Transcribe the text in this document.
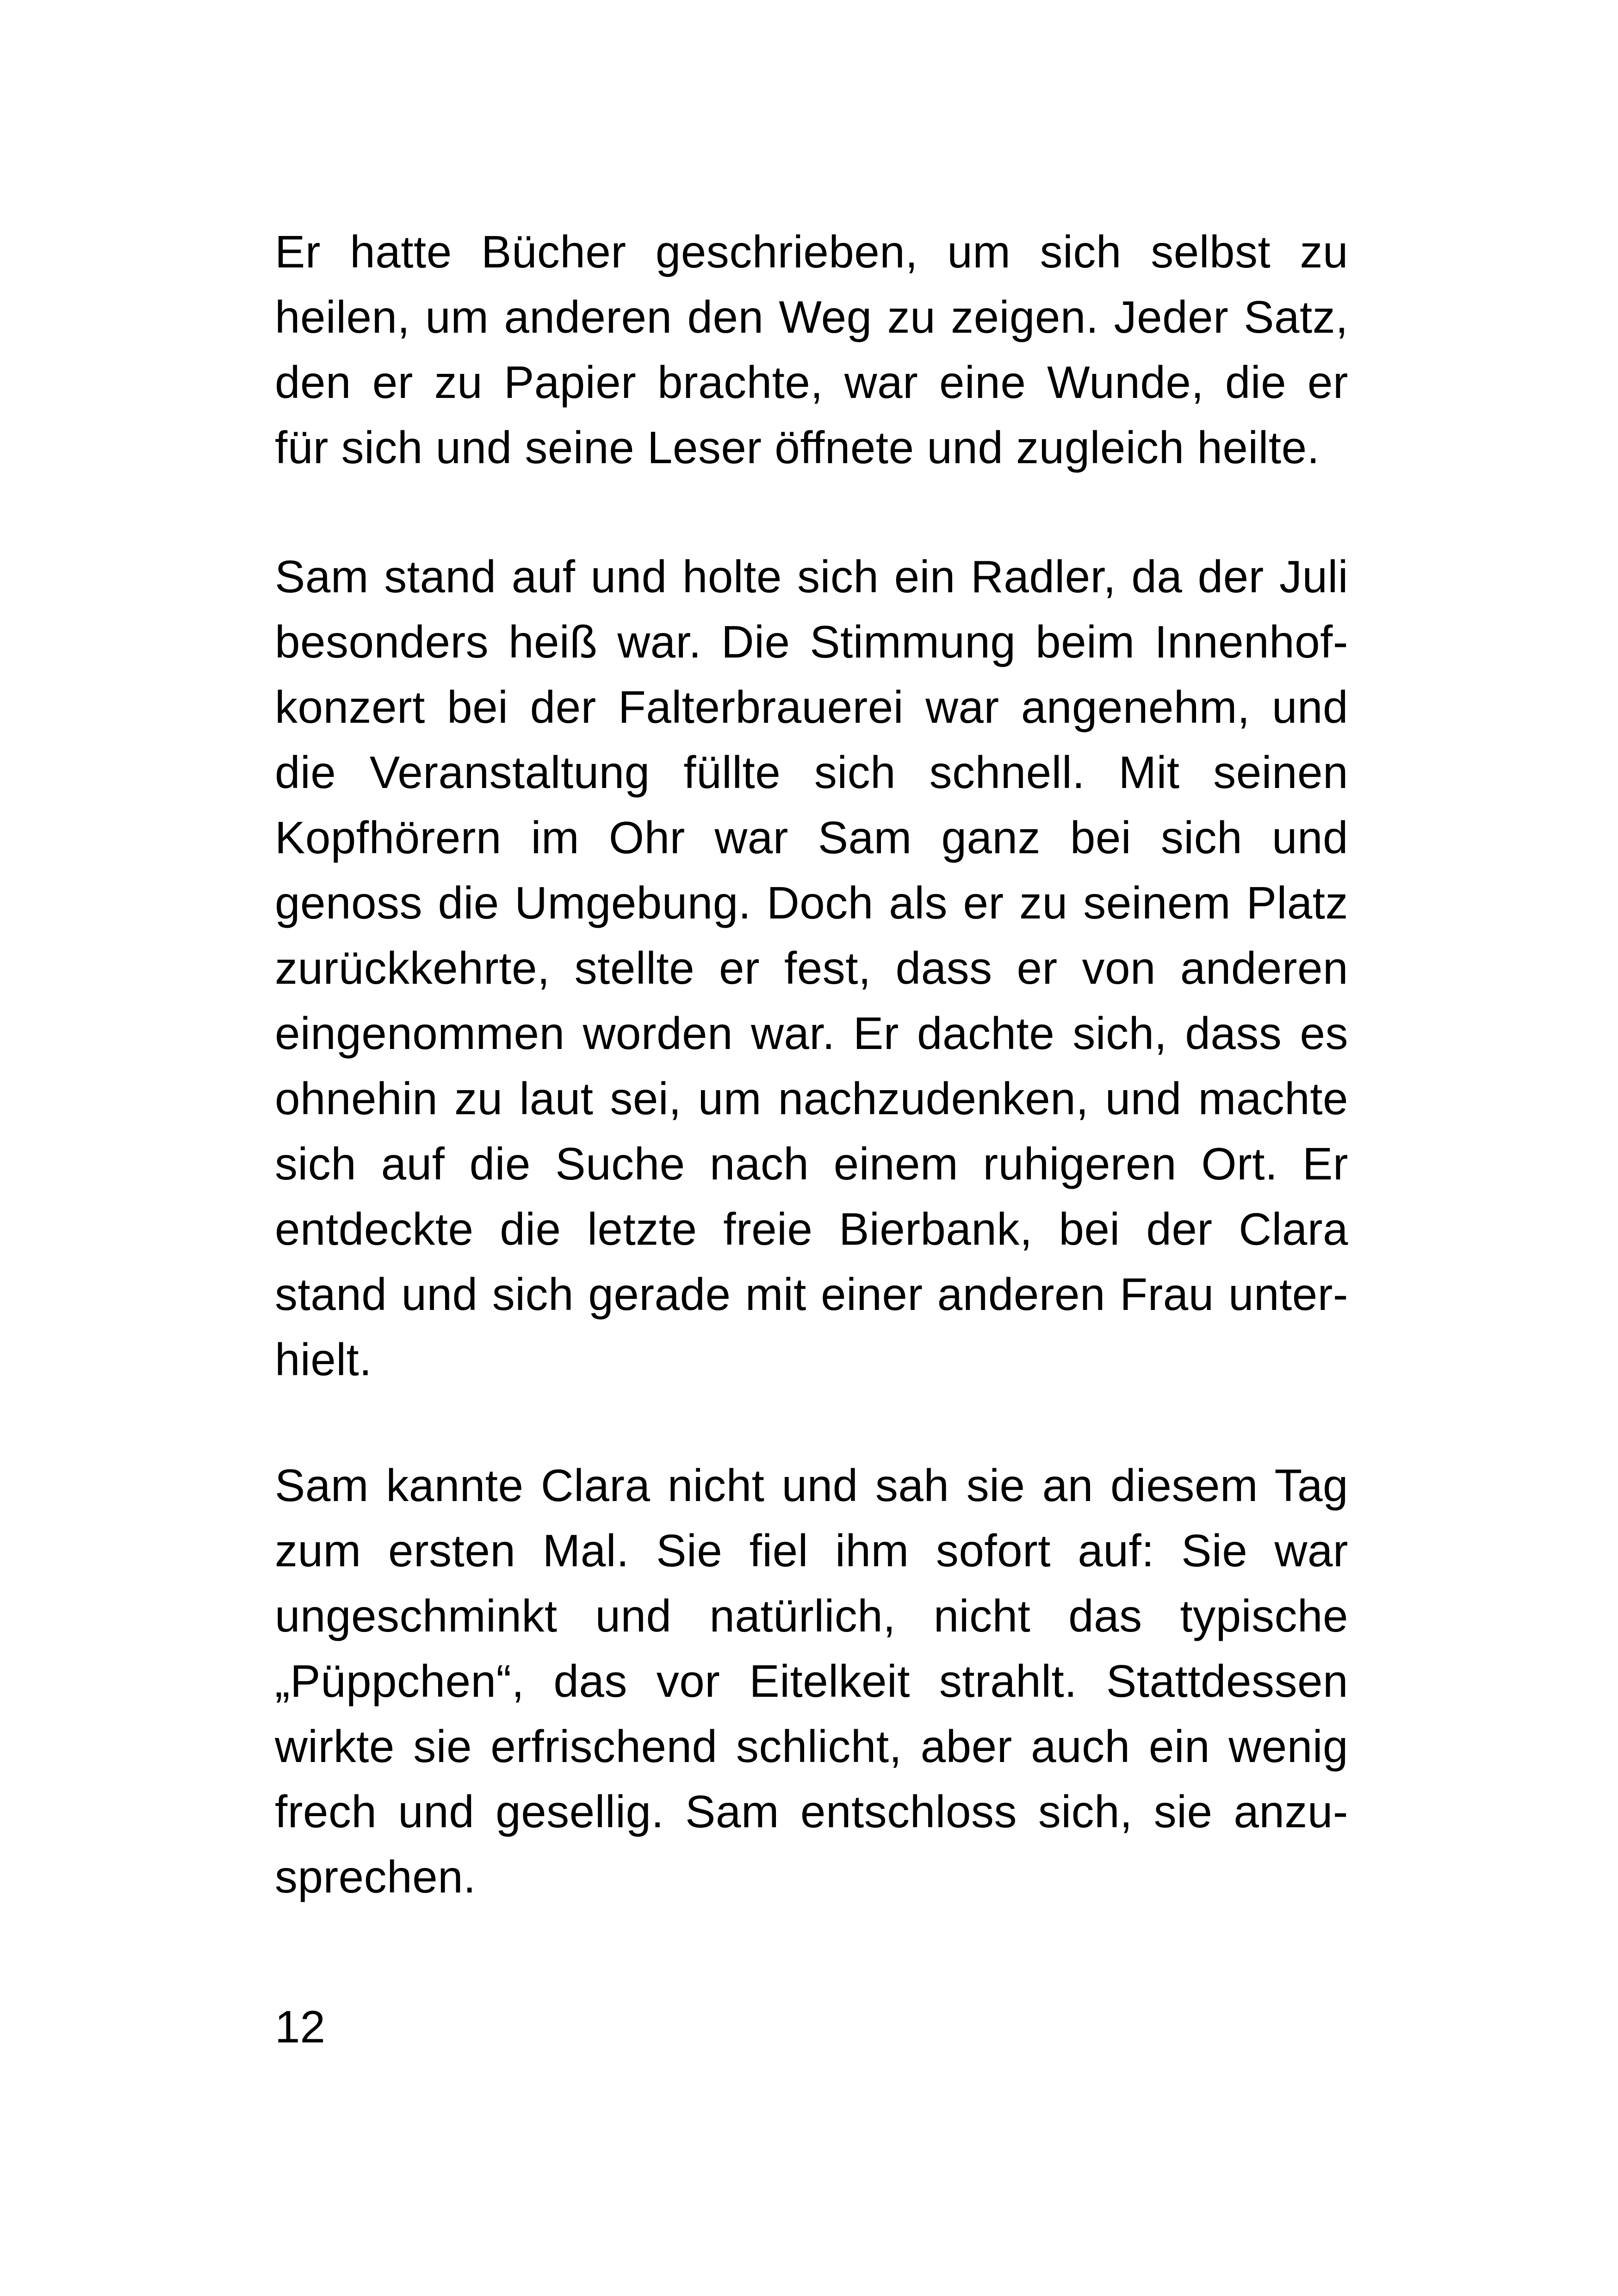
Er hatte Bücher geschrieben, um sich selbst zu
heilen, um anderen den Weg zu zeigen. Jeder Satz,
den er zu Papier brachte, war eine Wunde, die er
für sich und seine Leser öffnete und zugleich heilte.
Sam stand auf und holte sich ein Radler, da der Juli
besonders heiß war. Die Stimmung beim Innenhof-
konzert bei der Falterbrauerei war angenehm, und
die Veranstaltung füllte sich schnell. Mit seinen
Kopfhörern im Ohr war Sam ganz bei sich und
genoss die Umgebung. Doch als er zu seinem Platz
zurückkehrte, stellte er fest, dass er von anderen
eingenommen worden war. Er dachte sich, dass es
ohnehin zu laut sei, um nachzudenken, und machte
sich auf die Suche nach einem ruhigeren Ort. Er
entdeckte die letzte freie Bierbank, bei der Clara
stand und sich gerade mit einer anderen Frau unter-
hielt.
Sam kannte Clara nicht und sah sie an diesem Tag
zum ersten Mal. Sie fiel ihm sofort auf: Sie war
ungeschminkt und natürlich, nicht das typische
„Püppchen“, das vor Eitelkeit strahlt. Stattdessen
wirkte sie erfrischend schlicht, aber auch ein wenig
frech und gesellig. Sam entschloss sich, sie anzu-
sprechen.
12
